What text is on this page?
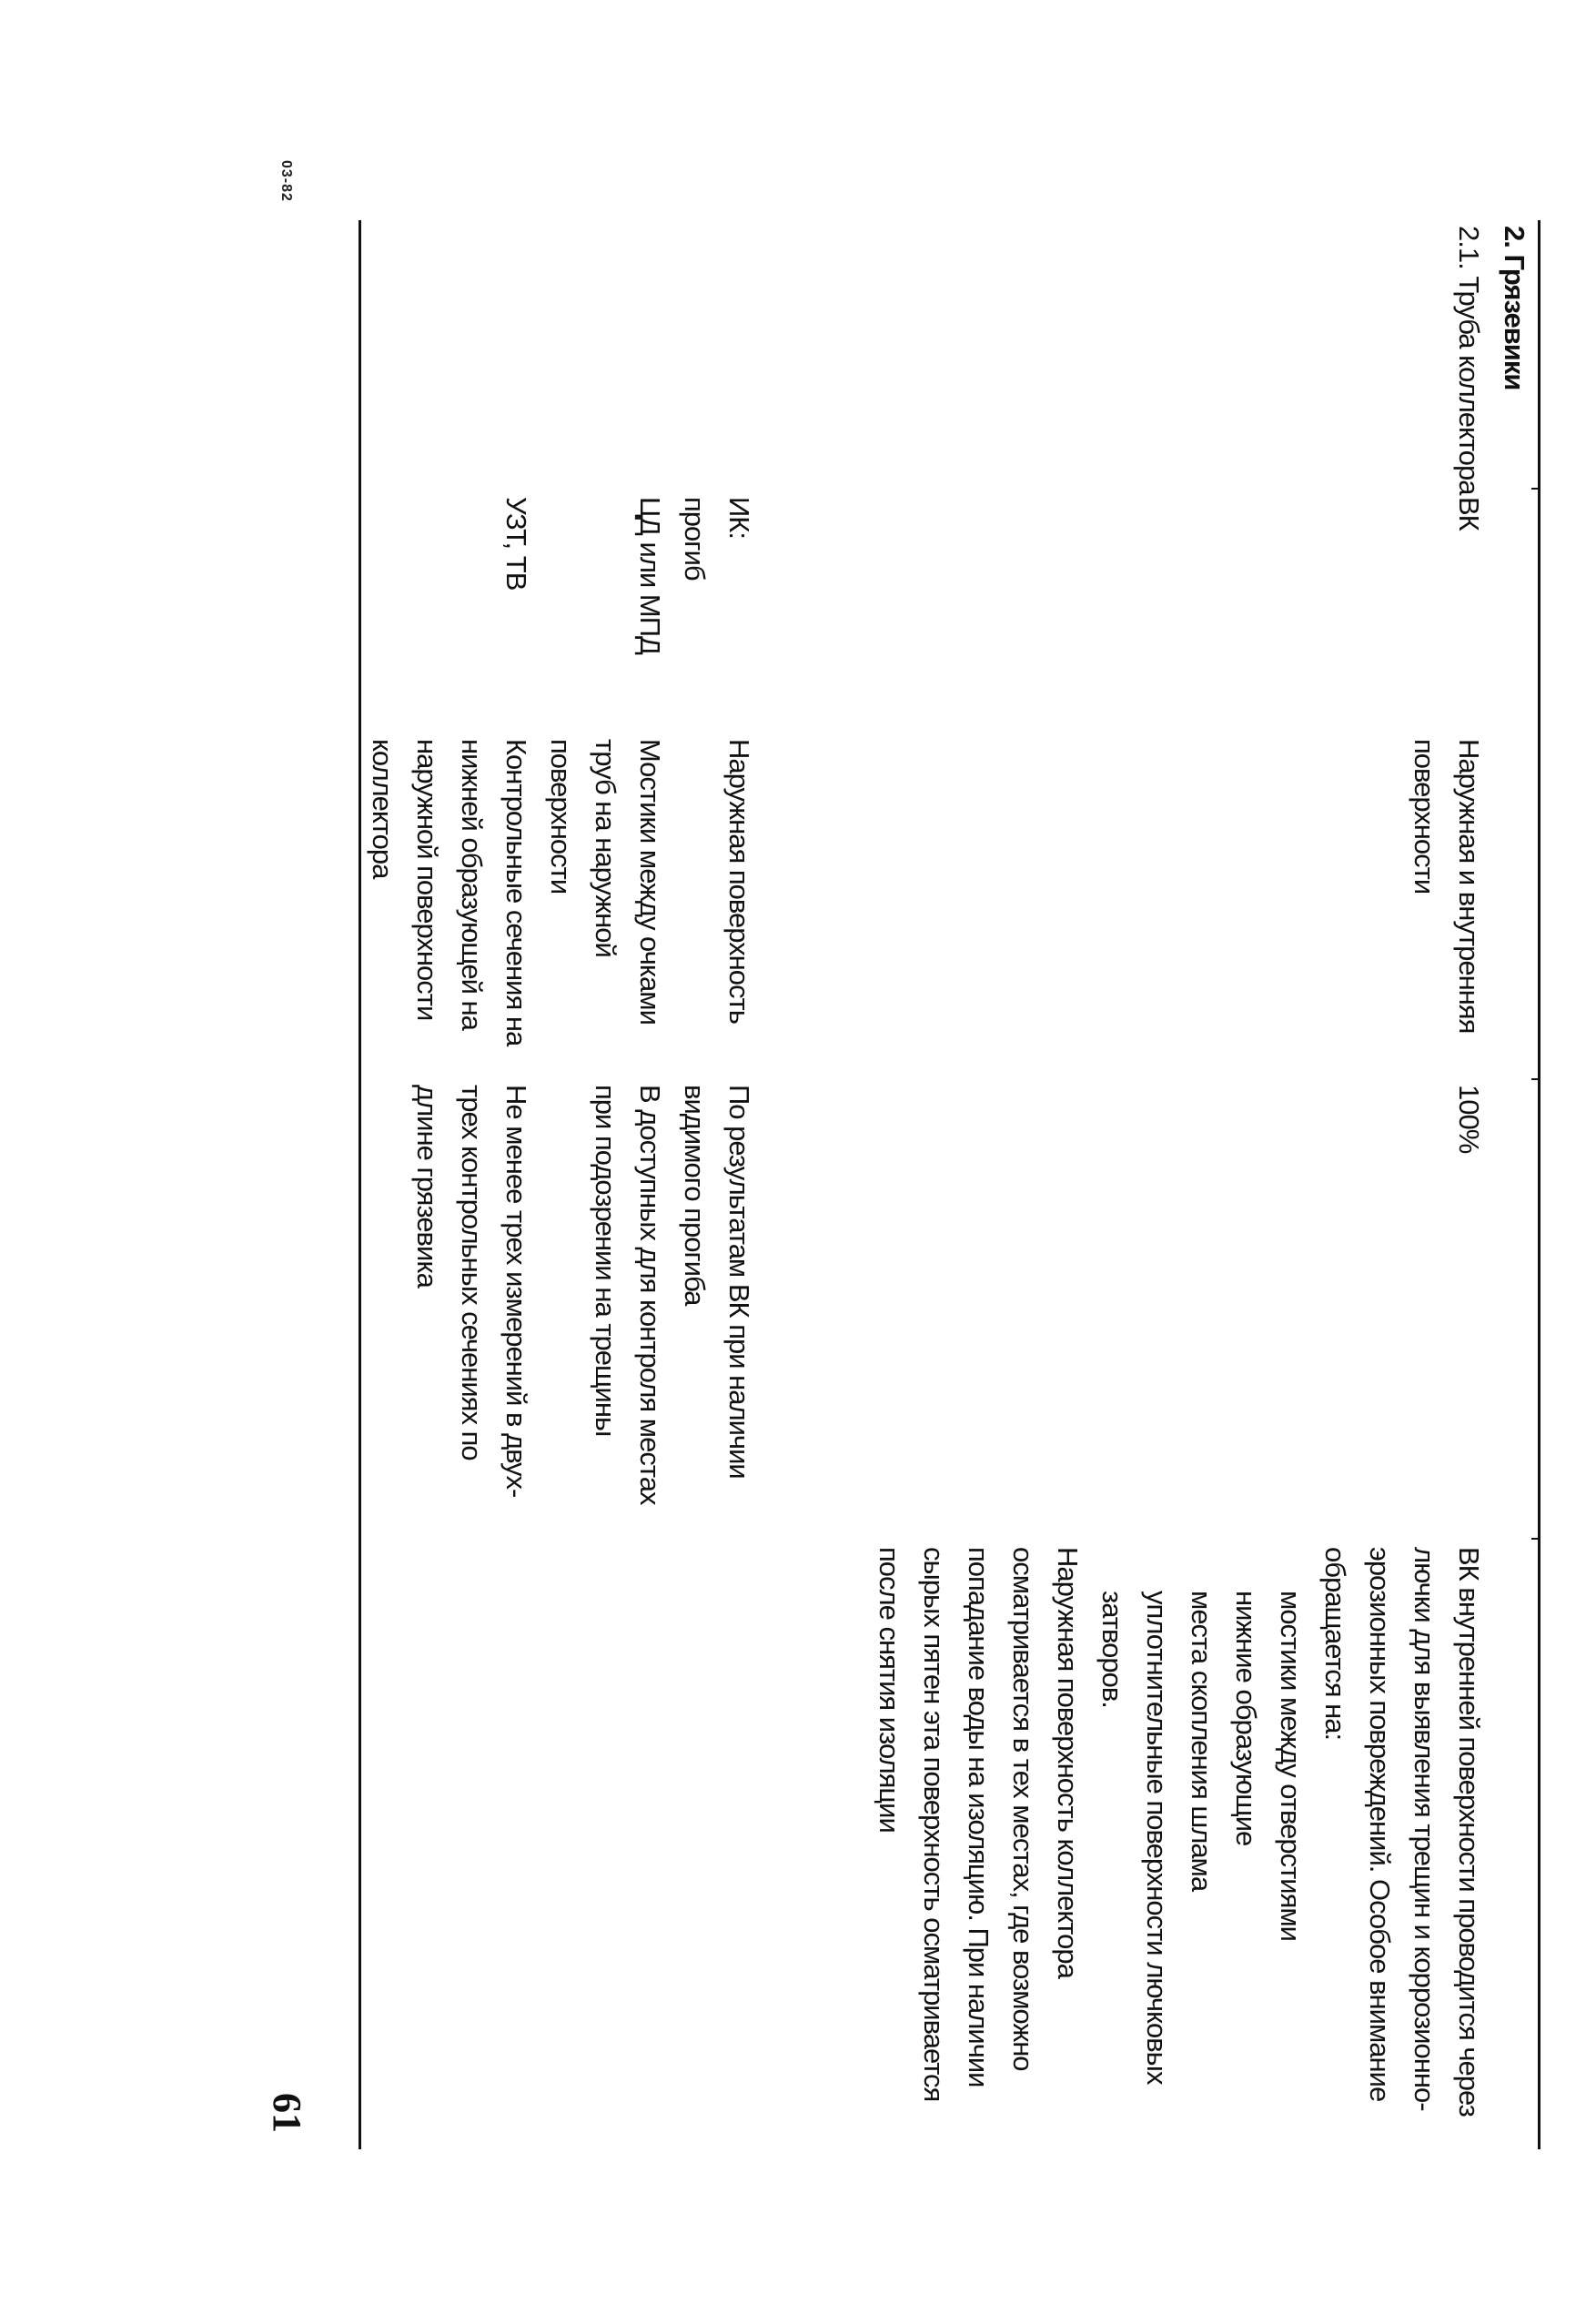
2. Грязевики
2.1. Труба коллектора
ВК
Наружная и внутренняя поверхности
100%
ВК внутренней поверхности проводится через лючки для выявления трещин и коррозионно-эрозионных повреждений. Особое внимание обращается на:
мостики между отверстиями
нижние образующие
места скопления шлама
уплотнительные поверхности лючковых затворов.
Наружная поверхность коллектора осматривается в тех местах, где возможно попадание воды на изоляцию. При наличии сырых пятен эта поверхность осматривается после снятия изоляции
ИК: прогиб
Наружная поверхность
По результатам ВК при наличии видимого прогиба
ЦД или МПД
Мостики между очками труб на наружной поверхности
В доступных для контроля местах при подозрении на трещины
УЗТ, ТВ
Контрольные сечения на нижней образующей на наружной поверхности коллектора
Не менее трех измерений в двух-трех контрольных сечениях по длине грязевика
03-82
61
